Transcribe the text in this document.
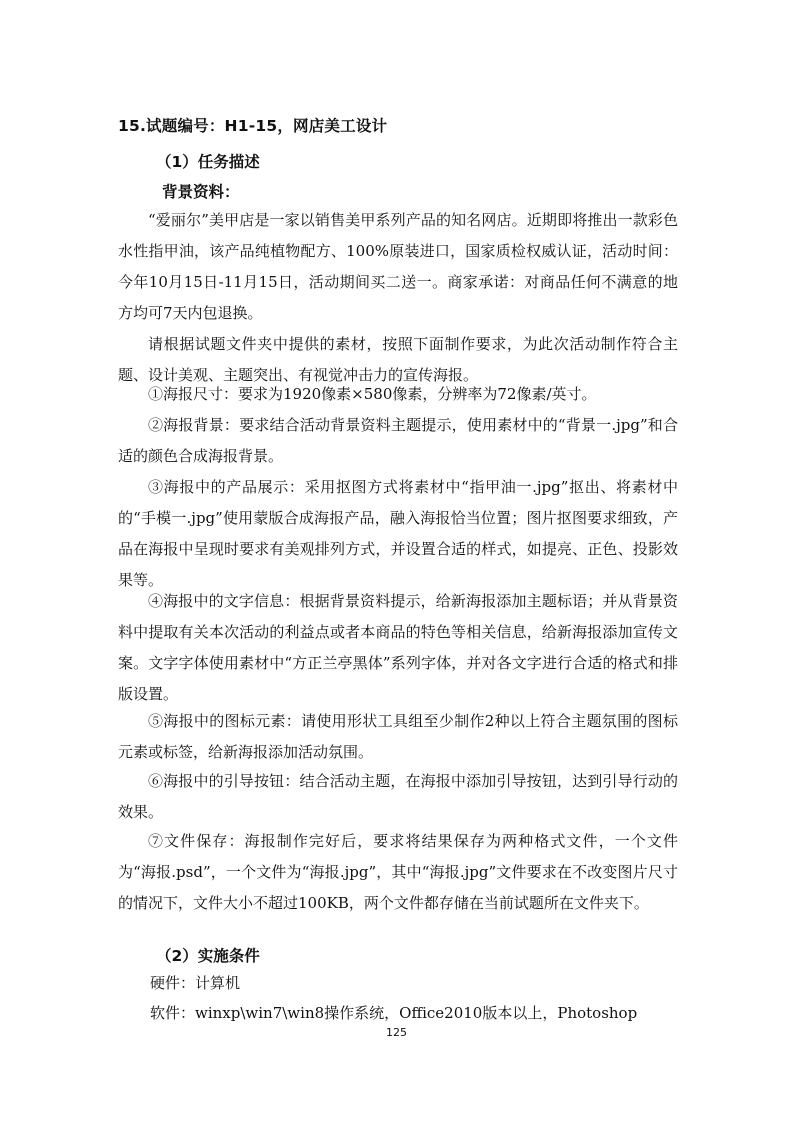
15.试题编号：H1-15，网店美工设计
（1）任务描述
背景资料：

“爱丽尔”美甲店是一家以销售美甲系列产品的知名网店。近期即将推出一款彩色水性指甲油，该产品纯植物配方、100%原装进口，国家质检权威认证，活动时间：今年10月15日-11月15日，活动期间买二送一。商家承诺：对商品任何不满意的地方均可7天内包退换。

请根据试题文件夹中提供的素材，按照下面制作要求，为此次活动制作符合主题、设计美观、主题突出、有视觉冲击力的宣传海报。

①海报尺寸：要求为1920像素×580像素，分辨率为72像素/英寸。

②海报背景：要求结合活动背景资料主题提示，使用素材中的“背景一.jpg”和合适的颜色合成海报背景。

③海报中的产品展示：采用抠图方式将素材中“指甲油一.jpg”抠出、将素材中的“手模一.jpg”使用蒙版合成海报产品，融入海报恰当位置；图片抠图要求细致，产品在海报中呈现时要求有美观排列方式，并设置合适的样式，如提亮、正色、投影效果等。

④海报中的文字信息：根据背景资料提示，给新海报添加主题标语；并从背景资料中提取有关本次活动的利益点或者本商品的特色等相关信息，给新海报添加宣传文案。文字字体使用素材中“方正兰亭黑体”系列字体，并对各文字进行合适的格式和排版设置。

⑤海报中的图标元素：请使用形状工具组至少制作2种以上符合主题氛围的图标元素或标签，给新海报添加活动氛围。

⑥海报中的引导按钮：结合活动主题，在海报中添加引导按钮，达到引导行动的效果。

⑦文件保存：海报制作完好后，要求将结果保存为两种格式文件，一个文件为“海报.psd”，一个文件为“海报.jpg”，其中“海报.jpg”文件要求在不改变图片尺寸的情况下，文件大小不超过100KB，两个文件都存储在当前试题所在文件夹下。

（2）实施条件
硬件：计算机
软件：winxp\win7\win8操作系统，Office2010版本以上，Photoshop
125
